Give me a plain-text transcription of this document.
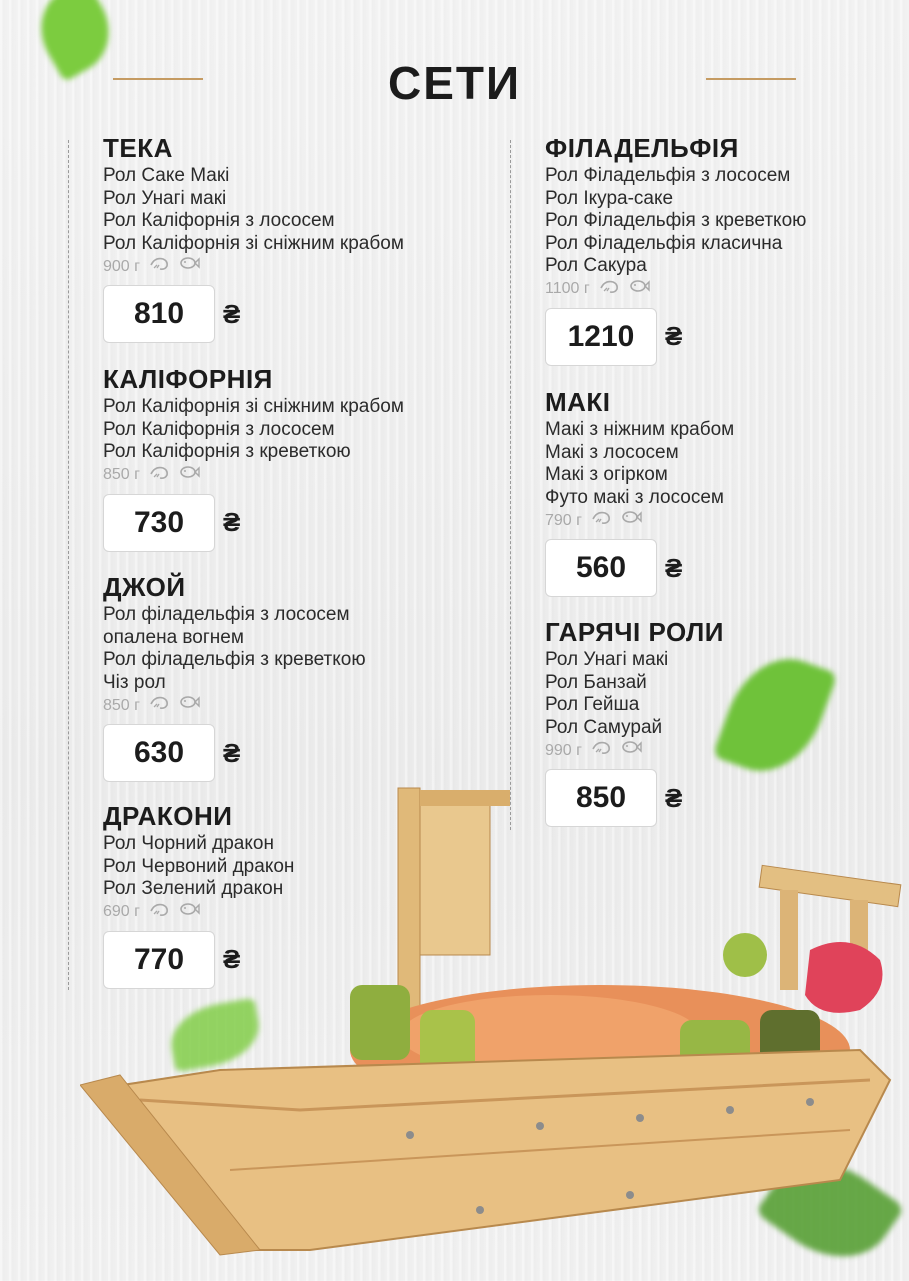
СЕТИ
ТЕКА
Рол Саке Макі
Рол Унагі макі
Рол Каліфорнія з лососем
Рол Каліфорнія зі сніжним крабом
900 г
810	₴
КАЛІФОРНІЯ
Рол Каліфорнія зі сніжним крабом
Рол Каліфорнія з лососем
Рол Каліфорнія з креветкою
850 г
730	₴
ДЖОЙ
Рол філадельфія з лососем
опалена вогнем
Рол філадельфія з креветкою
Чіз рол
850 г
630	₴
ДРАКОНИ
Рол Чорний дракон
Рол Червоний дракон
Рол Зелений дракон
690 г
770	₴
ФІЛАДЕЛЬФІЯ
Рол Філадельфія з лососем
Рол Ікура-саке
Рол Філадельфія з креветкою
Рол Філадельфія класична
Рол Сакура
1100 г
1210	₴
МАКІ
Макі з ніжним крабом
Макі з лососем
Макі з огірком
Футо макі з лососем
790 г
560	₴
ГАРЯЧІ РОЛИ
Рол Унагі макі
Рол Банзай
Рол Гейша
Рол Самурай
990 г
850	₴
